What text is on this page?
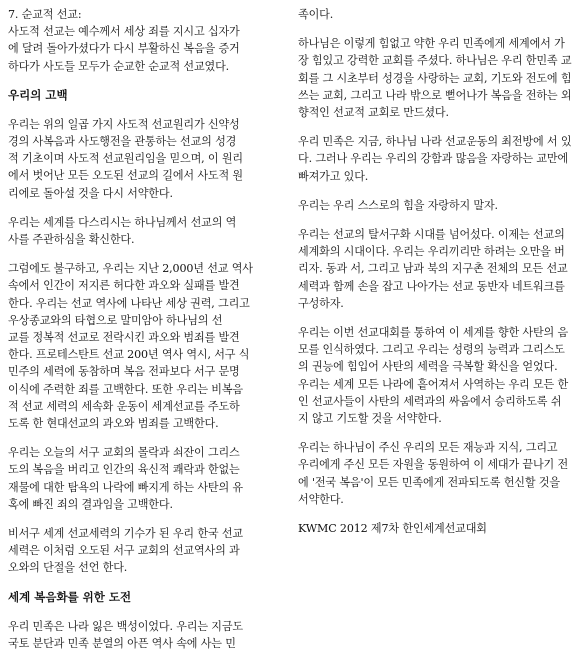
7. 순교적 선교:
사도적 선교는 예수께서 세상 죄를 지시고 십자가
에 달려 돌아가셨다가 다시 부활하신 복음을 증거
하다가 사도들 모두가 순교한 순교적 선교였다.

우리의 고백

우리는 위의 일곱 가지 사도적 선교원리가 신약성
경의 사복음과 사도행전을 관통하는 선교의 성경
적 기초이며 사도적 선교원리임을 믿으며, 이 원리
에서 벗어난 모든 오도된 선교의 길에서 사도적 원
리에로 돌아설 것을 다시 서약한다.

우리는 세계를 다스리시는 하나님께서 선교의 역
사를 주관하심을 확신한다.

그럼에도 불구하고, 우리는 지난 2,000년 선교 역사
속에서 인간이 저지른 허다한 과오와 실패를 발견
한다. 우리는 선교 역사에 나타난 세상 권력, 그리고
우상종교와의 타협으로 말미암아 하나님의 선
교를 정복적 선교로 전락시킨 과오와 범죄를 발견
한다. 프로테스탄트 선교 200년 역사 역시, 서구 식
민주의 세력에 동참하며 복음 전파보다 서구 문명
이식에 주력한 죄를 고백한다. 또한 우리는 비복음
적 선교 세력의 세속화 운동이 세계선교를 주도하
도록 한 현대선교의 과오와 범죄를 고백한다.

우리는 오늘의 서구 교회의 몰락과 쇠잔이 그리스
도의 복음을 버리고 인간의 육신적 쾌락과 한없는
재물에 대한 탐욕의 나락에 빠지게 하는 사탄의 유
혹에 빠진 죄의 결과임을 고백한다.

비서구 세계 선교세력의 기수가 된 우리 한국 선교
세력은 이처럼 오도된 서구 교회의 선교역사의 과
오와의 단절을 선언 한다.

세계 복음화를 위한 도전

우리 민족은 나라 잃은 백성이었다. 우리는 지금도
국토 분단과 민족 분열의 아픈 역사 속에 사는 민

족이다.

하나님은 이렇게 힘없고 약한 우리 민족에게 세계에서 가
장 힘있고 강력한 교회를 주셨다. 하나님은 우리 한민족 교
회를 그 시초부터 성경을 사랑하는 교회, 기도와 전도에 힘
쓰는 교회, 그리고 나라 밖으로 뻗어나가 복음을 전하는 외
향적인 선교적 교회로 만드셨다.

우리 민족은 지금, 하나님 나라 선교운동의 최전방에 서 있
다. 그러나 우리는 우리의 강함과 많음을 자랑하는 교만에
빠져가고 있다.

우리는 우리 스스로의 힘을 자랑하지 말자.

우리는 선교의 탈서구화 시대를 넘어섰다. 이제는 선교의
세계화의 시대이다. 우리는 우리끼리만 하려는 오만을 버
리자. 동과 서, 그리고 남과 북의 지구촌 전체의 모든 선교
세력과 함께 손을 잡고 나아가는 선교 동반자 네트워크를
구성하자.

우리는 이번 선교대회를 통하여 이 세계를 향한 사탄의 음
모를 인식하였다. 그리고 우리는 성령의 능력과 그리스도
의 권능에 힘입어 사탄의 세력을 극복할 확신을 얻었다.
우리는 세계 모든 나라에 흩어져서 사역하는 우리 모든 한
인 선교사들이 사탄의 세력과의 싸움에서 승리하도록 쉬
지 않고 기도할 것을 서약한다.

우리는 하나님이 주신 우리의 모든 재능과 지식, 그리고
우리에게 주신 모든 자원을 동원하여 이 세대가 끝나기 전
에 '전국 복음'이 모든 민족에게 전파되도록 헌신할 것을
서약한다.

KWMC 2012 제7차 한인세계선교대회
